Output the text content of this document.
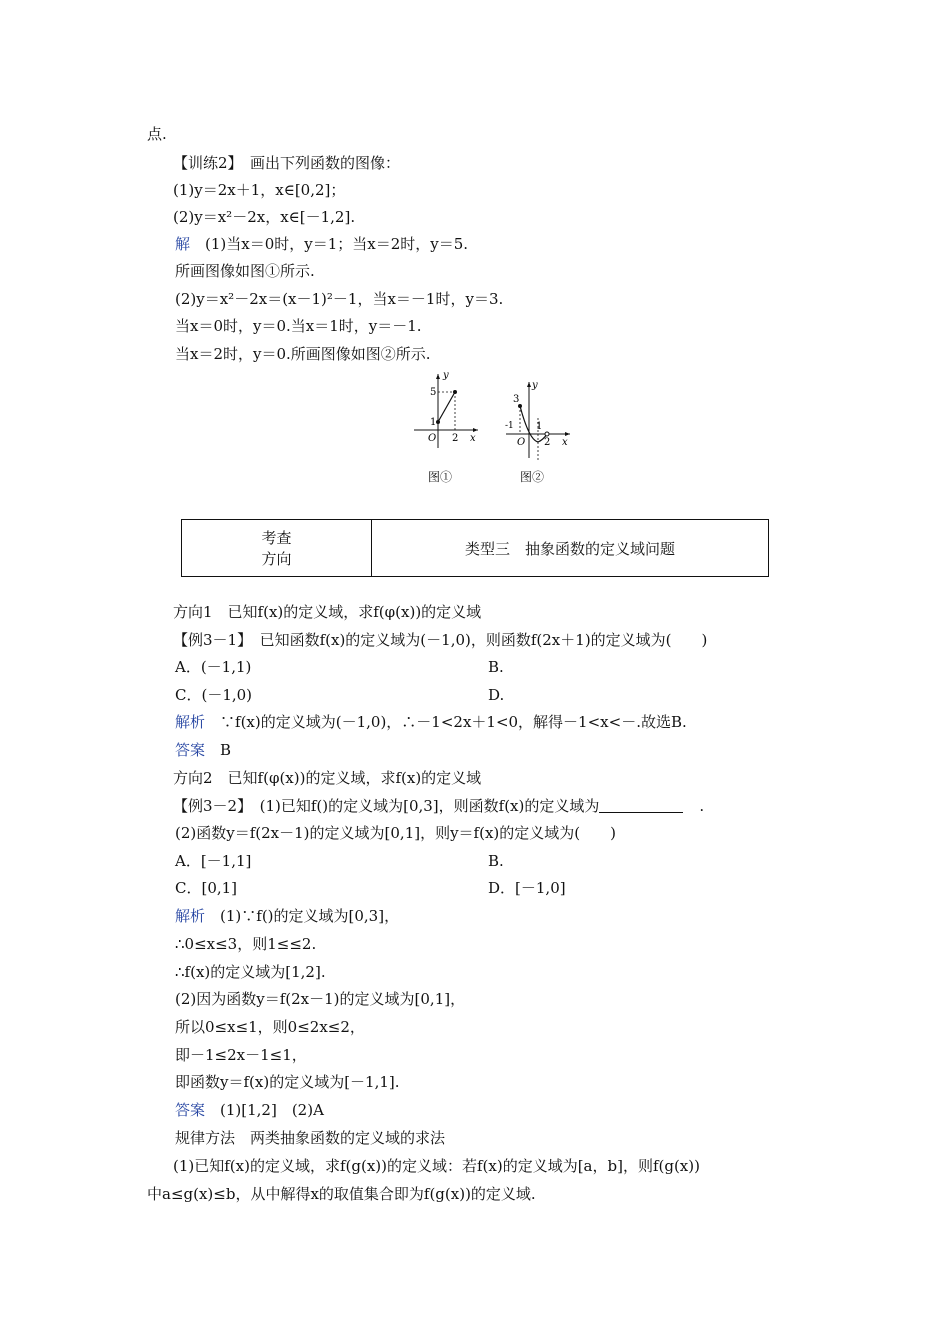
点.
【训练2】　画出下列函数的图像：
(1)y＝2x＋1，x∈[0,2]；
(2)y＝x²－2x，x∈[－1,2].
解　(1)当x＝0时，y＝1；当x＝2时，y＝5.
所画图像如图①所示.
(2)y＝x²－2x＝(x－1)²－1，当x＝－1时，y＝3.
当x＝0时，y＝0.当x＝1时，y＝－1.
当x＝2时，y＝0.所画图像如图②所示.
y
x
O
5
1
2
图①
y
x
O
3
-1 1
2
图②
考查
方向
	类型三　抽象函数的定义域问题
方向1　已知f(x)的定义域，求f(φ(x))的定义域
【例3－1】　已知函数f(x)的定义域为(－1,0)，则函数f(2x＋1)的定义域为(　　)
A．(－1,1)	B.
C．(－1,0)	D.
解析　∵f(x)的定义域为(－1,0)，∴－1<2x＋1<0，解得－1<x<－.故选B.
答案　B
方向2　已知f(φ(x))的定义域，求f(x)的定义域
【例3－2】　(1)已知f()的定义域为[0,3]，则函数f(x)的定义域为	.
(2)函数y＝f(2x－1)的定义域为[0,1]，则y＝f(x)的定义域为(　　)
A．[－1,1]	B.
C．[0,1]	D．[－1,0]
解析　(1)∵f()的定义域为[0,3]，
∴0≤x≤3，则1≤≤2.
∴f(x)的定义域为[1,2].
(2)因为函数y＝f(2x－1)的定义域为[0,1]，
所以0≤x≤1，则0≤2x≤2，
即－1≤2x－1≤1，
即函数y＝f(x)的定义域为[－1,1].
答案　(1)[1,2]　(2)A
规律方法　两类抽象函数的定义域的求法
(1)已知f(x)的定义域，求f(g(x))的定义域：若f(x)的定义域为[a，b]，则f(g(x))
中a≤g(x)≤b，从中解得x的取值集合即为f(g(x))的定义域.
